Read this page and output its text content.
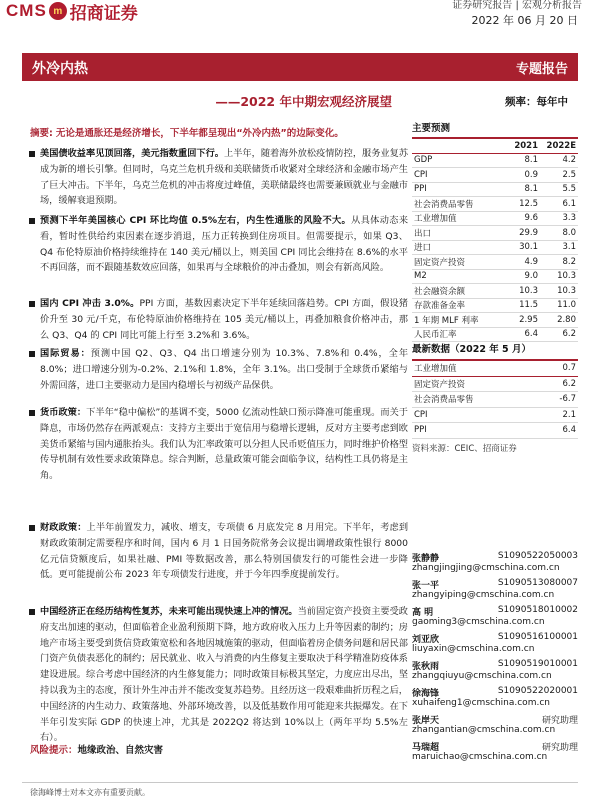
CMS m 招商证券	证券研究报告 | 宏观分析报告
2022 年 06 月 20 日
外冷内热	专题报告
——2022 年中期宏观经济展望	频率：每年中
摘要: 无论是通胀还是经济增长，下半年都呈现出“外冷内热”的边际变化。
美国债收益率见顶回落，美元指数重回下行。上半年，随着海外放松疫情防控，服务业复苏成为新的增长引擎。但同时，乌克兰危机升级和美联储货币收紧对全球经济和金融市场产生了巨大冲击。下半年，乌克兰危机的冲击将度过峰值，美联储最终也需要兼顾就业与金融市场，缓解衰退预期。
预测下半年美国核心 CPI 环比均值 0.5%左右，内生性通胀的风险不大。从具体动态来看，暂时性供给约束因素在逐步消退，压力正转换到住房项目。但需要提示，如果 Q3、Q4 布伦特原油价格持续维持在 140 美元/桶以上，则美国 CPI 同比会维持在 8.6%的水平不再回落，而不跟随基数效应回落，如果再与全球粮价的冲击叠加，则会有新高风险。
国内 CPI 冲击 3.0%。PPI 方面，基数因素决定下半年延续回落趋势。CPI 方面，假设猪价升至 30 元/千克，布伦特原油价格维持在 105 美元/桶以上，再叠加粮食价格冲击，那么 Q3、Q4 的 CPI 同比可能上行至 3.2%和 3.6%。
国际贸易：预测中国 Q2、Q3、Q4 出口增速分别为 10.3%、7.8%和 0.4%，全年 8.0%；进口增速分别为-0.2%、2.1%和 1.8%，全年 3.1%。出口受制于全球货币紧缩与外需回落，进口主要驱动力是国内稳增长与初级产品保供。
货币政策：下半年“稳中偏松”的基调不变，5000 亿流动性缺口预示降准可能重现。而关于降息，市场仍然存在两派观点：支持方主要出于宽信用与稳增长逻辑，反对方主要考虑到欧美货币紧缩与国内通胀抬头。我们认为汇率政策可以分担人民币贬值压力，同时维护价格型传导机制有效性要求政策降息。综合判断，总量政策可能会面临争议，结构性工具仍将是主角。
财政政策：上半年前置发力，减收、增支，专项债 6 月底发完 8 月用完。下半年，考虑到财政政策制定需要程序和时间，国内 6 月 1 日国务院常务会议提出调增政策性银行 8000 亿元信贷额度后，如果社融、PMI 等数据改善，那么特别国债发行的可能性会进一步降低。更可能提前公布 2023 年专项债发行进度，并于今年四季度提前发行。
中国经济正在经历结构性复苏，未来可能出现快速上冲的情况。当前固定资产投资主要受政府支出加速的驱动，但面临着企业盈利预期下降，地方政府收入压力上升等因素的制约；房地产市场主要受到货信贷政策宽松和各地因城施策的驱动，但面临着房企债务问题和居民部门资产负债表恶化的制约；居民就业、收入与消费的内生修复主要取决于科学精准防疫体系建设进展。综合考虑中国经济的内生修复能力；同时政策目标极其坚定，力度应出尽出，坚持以我为主的态度，预计外生冲击并不能改变复苏趋势。且经历这一段艰难曲折历程之后，中国经济的内生动力、政策落地、外部环境改善，以及低基数作用可能迎来共振爆发。在下半年引发实际 GDP 的快速上冲，尤其是 2022Q2 将达到 10%以上（两年平均 5.5%左右）。
风险提示：地缘政治、自然灾害
徐海峰博士对本文亦有重要贡献。
主要预测
	2021	2022E
GDP	8.1	4.2
CPI	0.9	2.5
PPI	8.1	5.5
社会消费品零售	12.5	6.1
工业增加值	9.6	3.3
出口	29.9	8.0
进口	30.1	3.1
固定资产投资	4.9	8.2
M2	9.0	10.3
社会融资余额	10.3	10.3
存款准备金率	11.5	11.0
1 年期 MLF 利率	2.95	2.80
人民币汇率	6.4	6.2
最新数据（2022 年 5 月）
工业增加值	0.7
固定资产投资	6.2
社会消费品零售	-6.7
CPI	2.1
PPI	6.4
资料来源：CEIC、招商证券
张静静	S1090522050003
zhangjingjing@cmschina.com.cn
张一平	S1090513080007
zhangyiping@cmschina.com.cn
高 明	S1090518010002
gaoming3@cmschina.com.cn
刘亚欣	S1090516100001
liuyaxin@cmschina.com.cn
张秋雨	S1090519010001
zhangqiuyu@cmschina.com.cn
徐海锋	S1090522020001
xuhaifeng1@cmschina.com.cn
张岸天	研究助理
zhangantian@cmschina.com.cn
马瑞超	研究助理
maruichao@cmschina.com.cn
